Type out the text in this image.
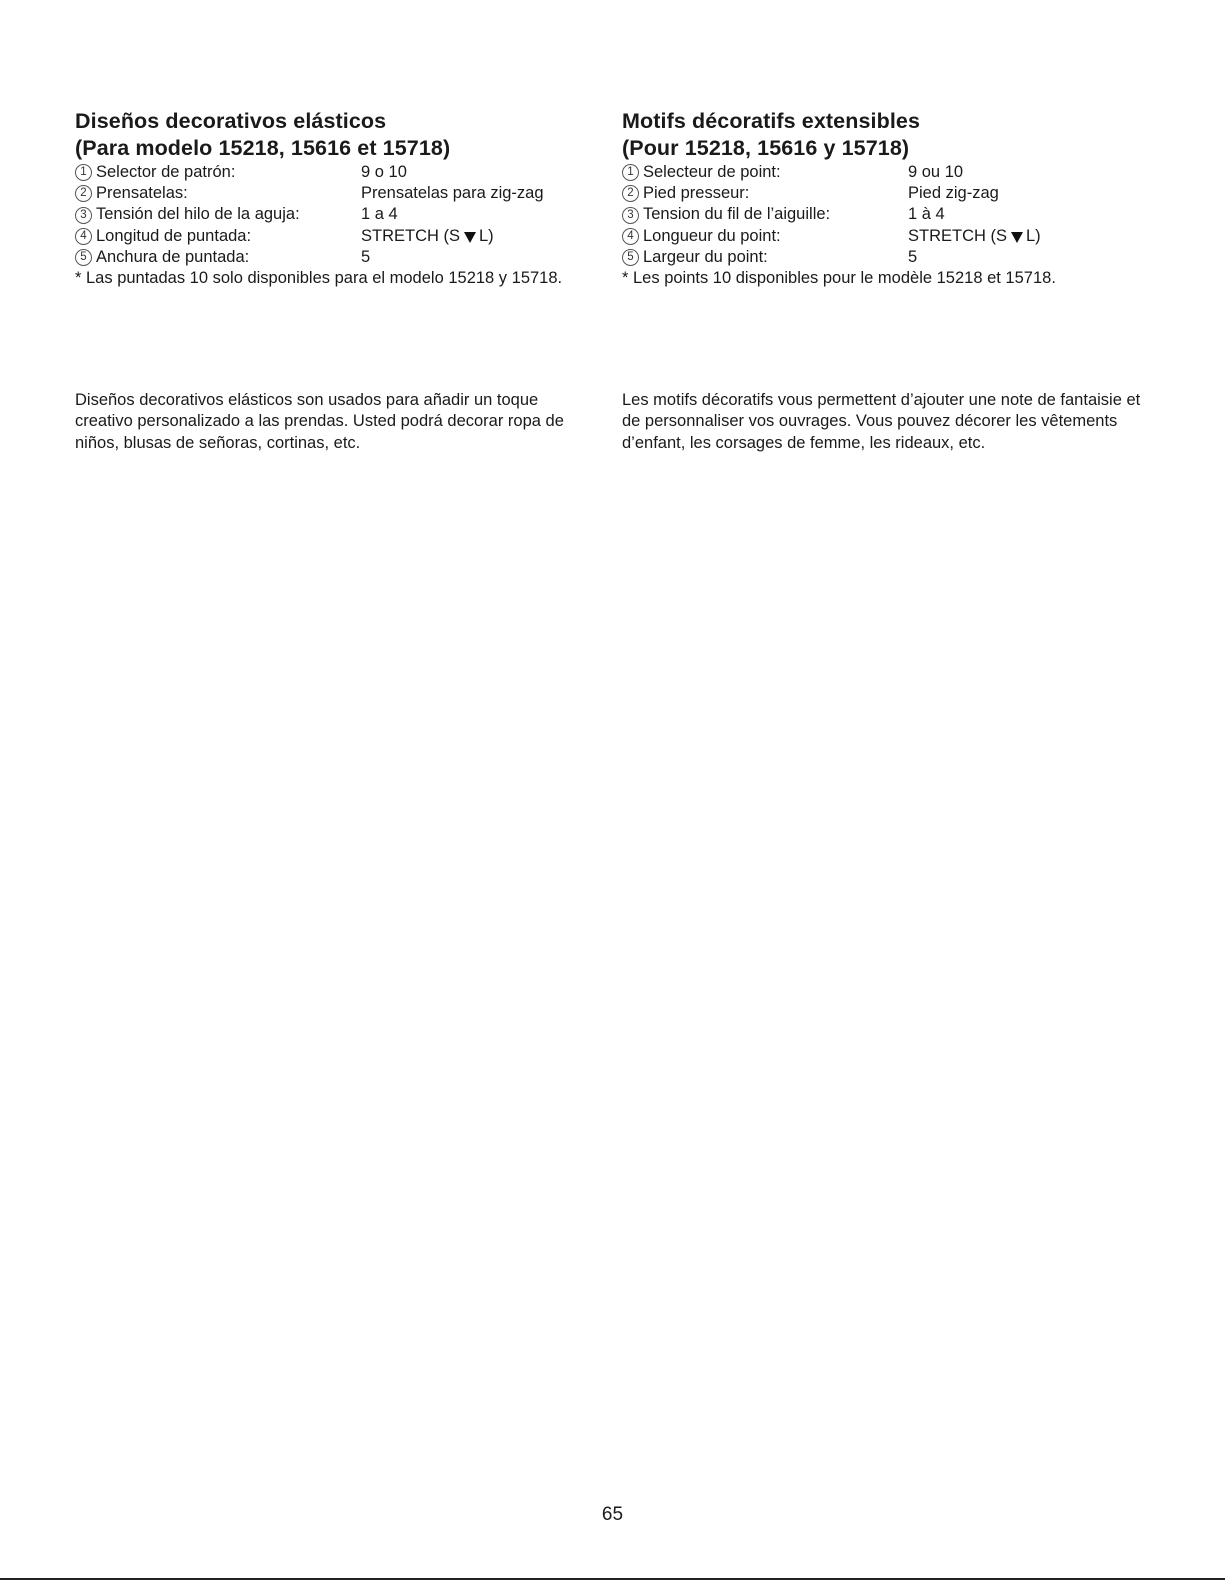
Diseños decorativos elásticos
(Para modelo 15218, 15616 et 15718)
1 Selector de patrón:	9 o 10
2 Prensatelas:	Prensatelas para zig-zag
3 Tensión del hilo de la aguja:	1 a 4
4 Longitud de puntada:	STRETCH (S L)
5 Anchura de puntada:	5
* Las puntadas 10 solo disponibles para el modelo 15218 y 15718.
Motifs décoratifs extensibles
(Pour 15218, 15616 y 15718)
1 Selecteur de point:	9 ou 10
2 Pied presseur:	Pied zig-zag
3 Tension du fil de l’aiguille:	1 à 4
4 Longueur du point:	STRETCH (S L)
5 Largeur du point:	5
* Les points 10 disponibles pour le modèle 15218 et 15718.

Diseños decorativos elásticos son usados para añadir un toque creativo personalizado a las prendas. Usted podrá decorar ropa de niños, blusas de señoras, cortinas, etc.

Les motifs décoratifs vous permettent d’ajouter une note de fantaisie et de personnaliser vos ouvrages. Vous pouvez décorer les vêtements d’enfant, les corsages de femme, les rideaux, etc.

65
